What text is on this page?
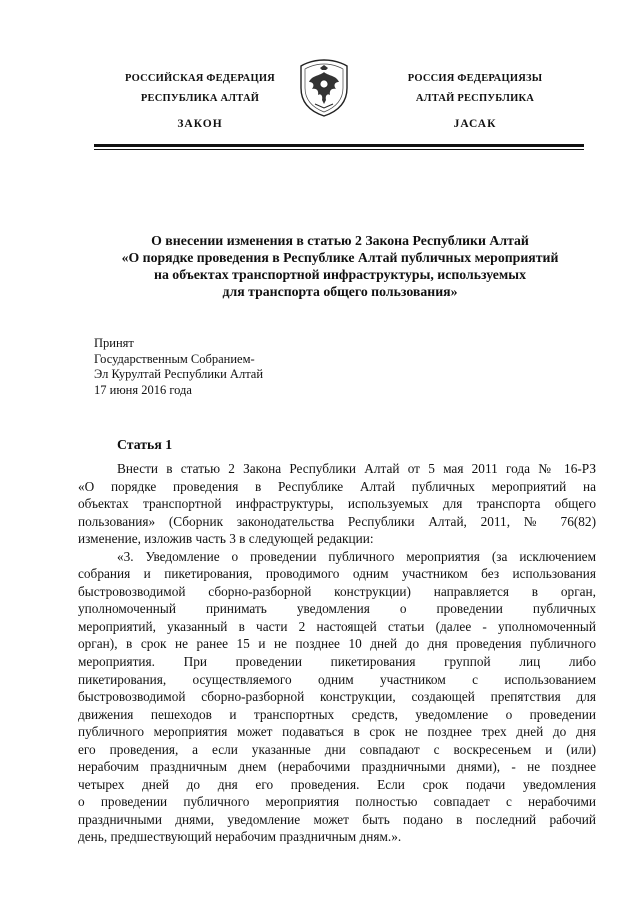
РОССИЙСКАЯ ФЕДЕРАЦИЯ
РЕСПУБЛИКА АЛТАЙ
ЗАКОН
РОССИЯ ФЕДЕРАЦИЯЗЫ
АЛТАЙ РЕСПУБЛИКА
JАСАК
О внесении изменения в статью 2 Закона Республики Алтай
«О порядке проведения в Республике Алтай публичных мероприятий
на объектах транспортной инфраструктуры, используемых
для транспорта общего пользования»
Принят
Государственным Собранием-
Эл Курултай Республики Алтай
17 июня 2016 года
Статья 1
Внести в статью 2 Закона Республики Алтай от 5 мая 2011 года № 16-РЗ
«О порядке проведения в Республике Алтай публичных мероприятий на
объектах транспортной инфраструктуры, используемых для транспорта общего
пользования» (Сборник законодательства Республики Алтай, 2011, № 76(82)
изменение, изложив часть 3 в следующей редакции:
«3. Уведомление о проведении публичного мероприятия (за исключением
собрания и пикетирования, проводимого одним участником без использования
быстровозводимой сборно-разборной конструкции) направляется в орган,
уполномоченный принимать уведомления о проведении публичных
мероприятий, указанный в части 2 настоящей статьи (далее - уполномоченный
орган), в срок не ранее 15 и не позднее 10 дней до дня проведения публичного
мероприятия. При проведении пикетирования группой лиц либо
пикетирования, осуществляемого одним участником с использованием
быстровозводимой сборно-разборной конструкции, создающей препятствия для
движения пешеходов и транспортных средств, уведомление о проведении
публичного мероприятия может подаваться в срок не позднее трех дней до дня
его проведения, а если указанные дни совпадают с воскресеньем и (или)
нерабочим праздничным днем (нерабочими праздничными днями), - не позднее
четырех дней до дня его проведения. Если срок подачи уведомления
о проведении публичного мероприятия полностью совпадает с нерабочими
праздничными днями, уведомление может быть подано в последний рабочий
день, предшествующий нерабочим праздничным дням.».
